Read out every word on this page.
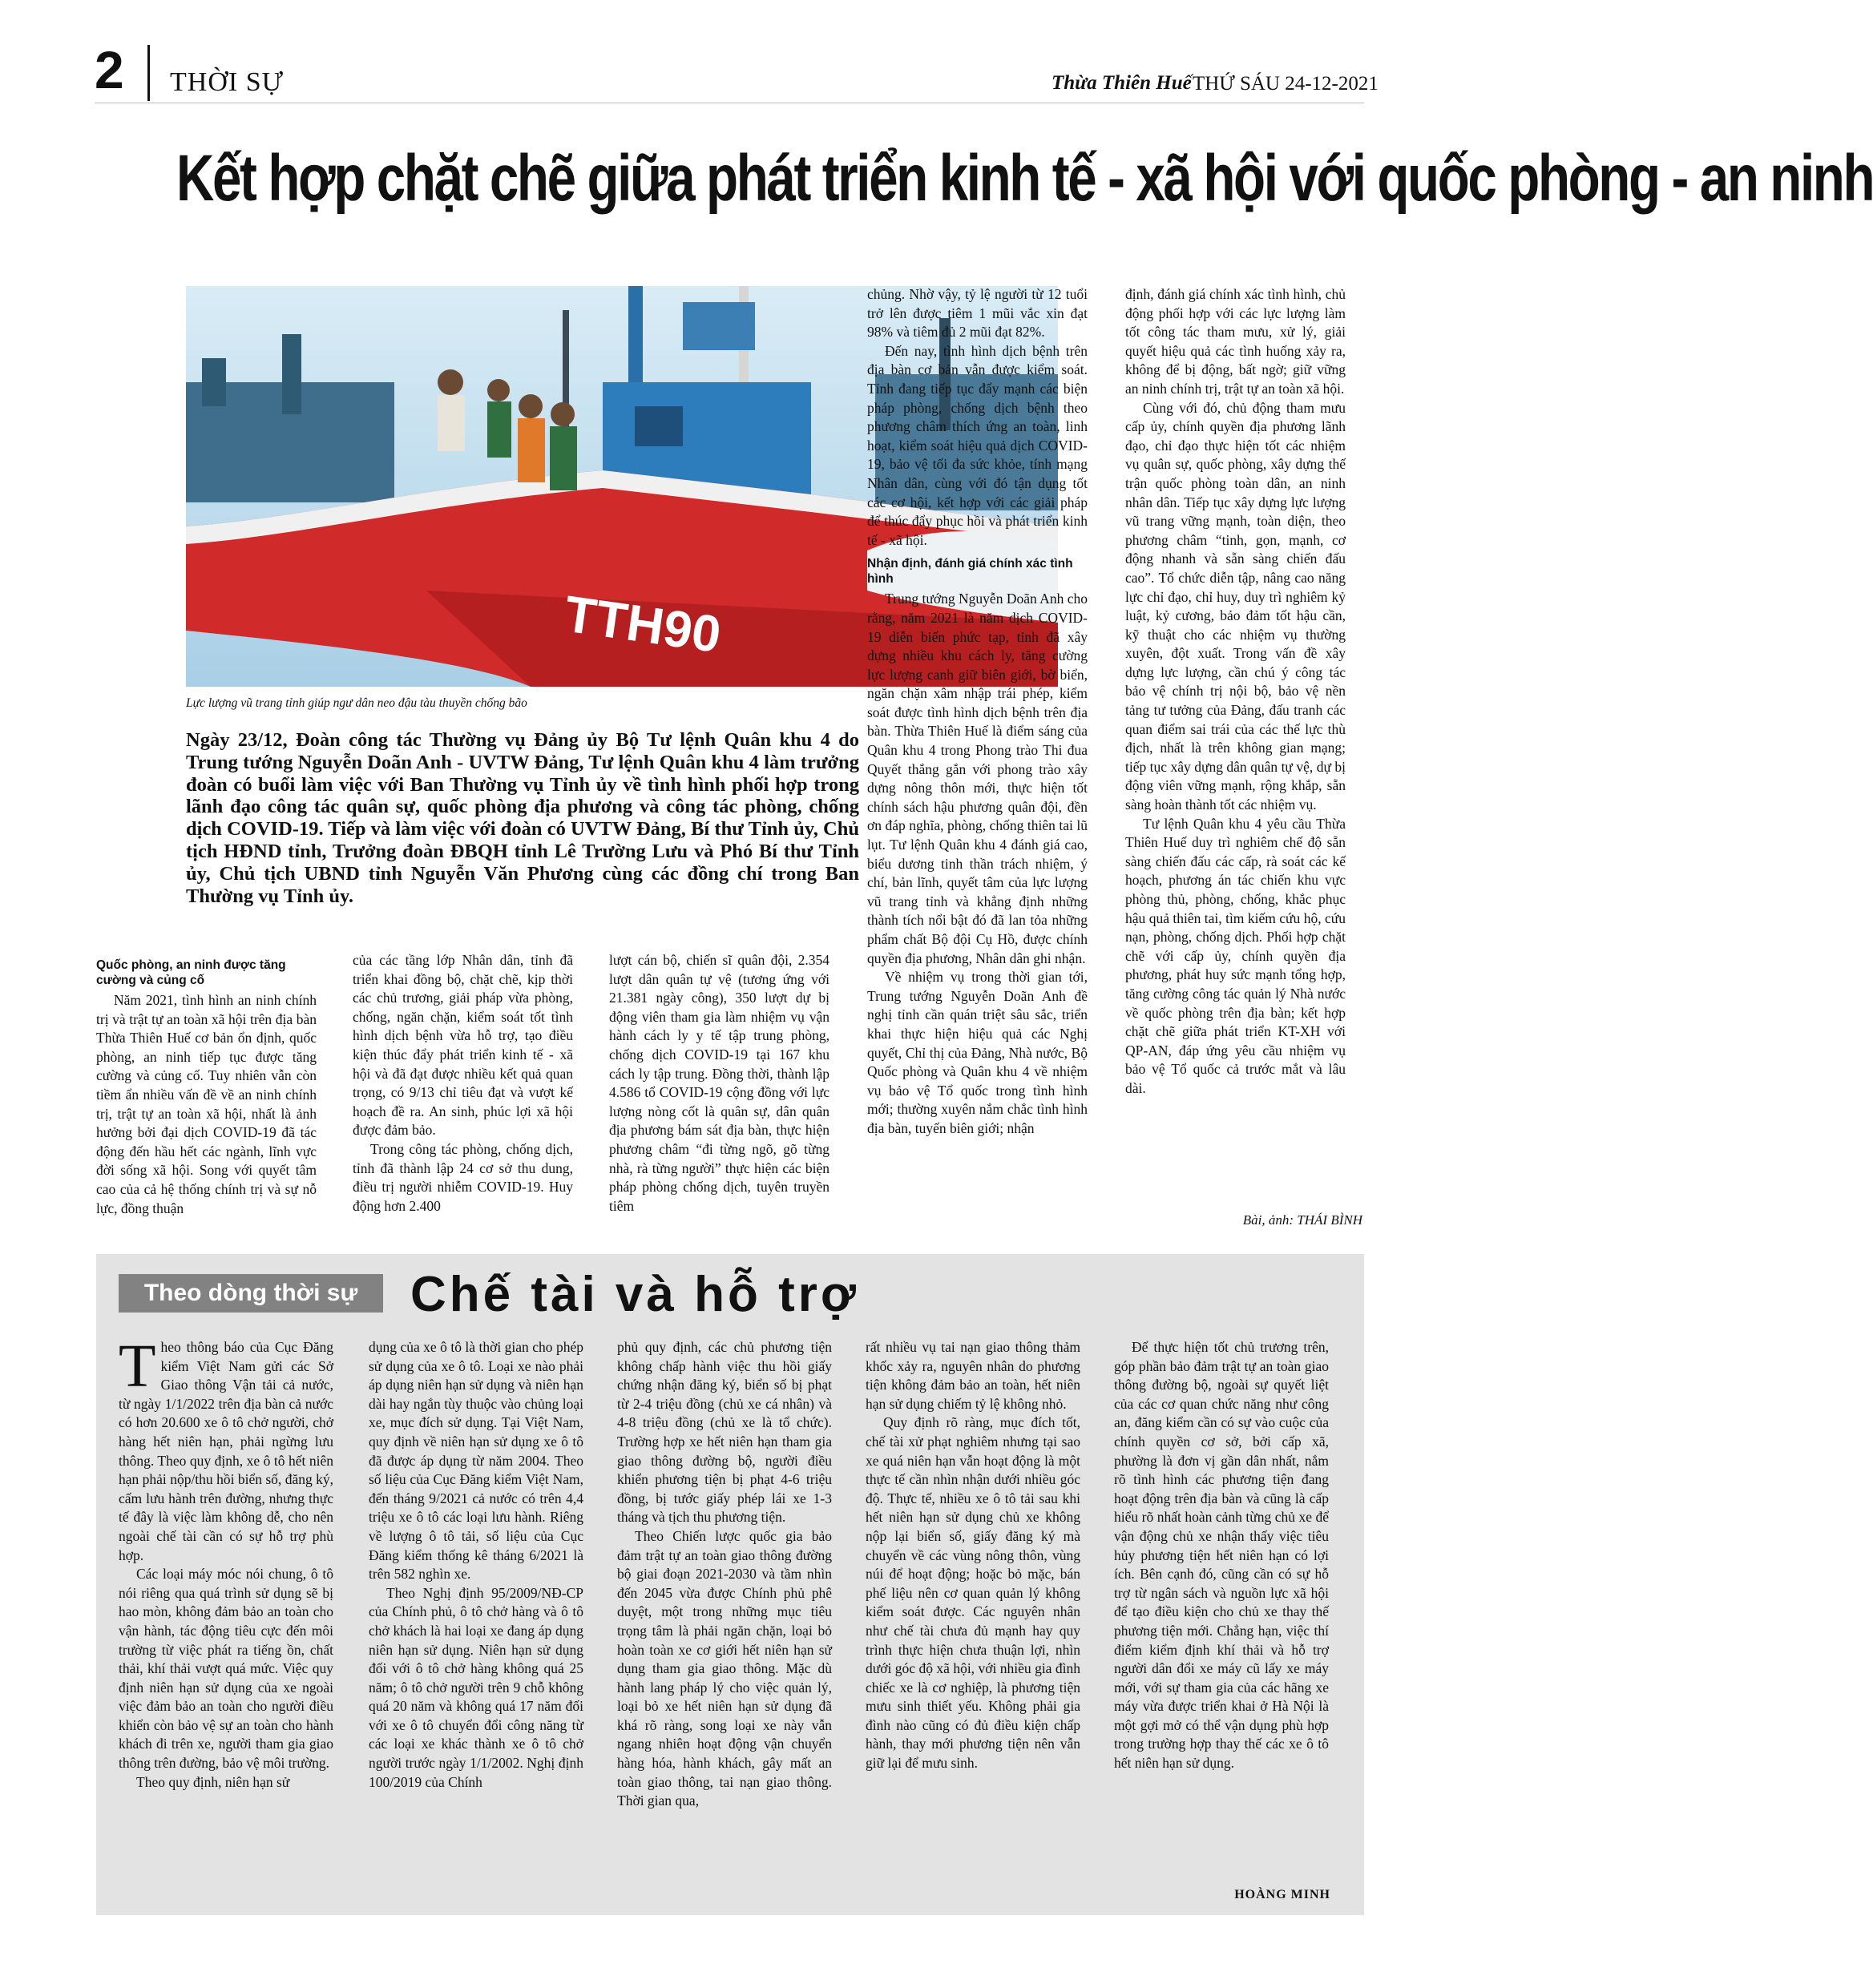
2 THỜI SỰ	Thừa Thiên Huế THỨ SÁU 24-12-2021
Kết hợp chặt chẽ giữa phát triển kinh tế - xã hội với quốc phòng - an ninh
TTH90
Lực lượng vũ trang tỉnh giúp ngư dân neo đậu tàu thuyền chống bão
Ngày 23/12, Đoàn công tác Thường vụ Đảng ủy Bộ Tư lệnh Quân khu 4 do Trung tướng Nguyễn Doãn Anh - UVTW Đảng, Tư lệnh Quân khu 4 làm trưởng đoàn có buổi làm việc với Ban Thường vụ Tỉnh ủy về tình hình phối hợp trong lãnh đạo công tác quân sự, quốc phòng địa phương và công tác phòng, chống dịch COVID-19. Tiếp và làm việc với đoàn có UVTW Đảng, Bí thư Tỉnh ủy, Chủ tịch HĐND tỉnh, Trưởng đoàn ĐBQH tỉnh Lê Trường Lưu và Phó Bí thư Tỉnh ủy, Chủ tịch UBND tỉnh Nguyễn Văn Phương cùng các đồng chí trong Ban Thường vụ Tỉnh ủy.
Quốc phòng, an ninh được tăng cường và củng cố

Năm 2021, tình hình an ninh chính trị và trật tự an toàn xã hội trên địa bàn Thừa Thiên Huế cơ bản ổn định, quốc phòng, an ninh tiếp tục được tăng cường và củng cố. Tuy nhiên vẫn còn tiềm ẩn nhiều vấn đề về an ninh chính trị, trật tự an toàn xã hội, nhất là ảnh hưởng bởi đại dịch COVID-19 đã tác động đến hầu hết các ngành, lĩnh vực đời sống xã hội. Song với quyết tâm cao của cả hệ thống chính trị và sự nỗ lực, đồng thuận

của các tầng lớp Nhân dân, tỉnh đã triển khai đồng bộ, chặt chẽ, kịp thời các chủ trương, giải pháp vừa phòng, chống, ngăn chặn, kiểm soát tốt tình hình dịch bệnh vừa hỗ trợ, tạo điều kiện thúc đẩy phát triển kinh tế - xã hội và đã đạt được nhiều kết quả quan trọng, có 9/13 chỉ tiêu đạt và vượt kế hoạch đề ra. An sinh, phúc lợi xã hội được đảm bảo.

Trong công tác phòng, chống dịch, tỉnh đã thành lập 24 cơ sở thu dung, điều trị người nhiễm COVID-19. Huy động hơn 2.400

lượt cán bộ, chiến sĩ quân đội, 2.354 lượt dân quân tự vệ (tương ứng với 21.381 ngày công), 350 lượt dự bị động viên tham gia làm nhiệm vụ vận hành cách ly y tế tập trung phòng, chống dịch COVID-19 tại 167 khu cách ly tập trung. Đồng thời, thành lập 4.586 tổ COVID-19 cộng đồng với lực lượng nòng cốt là quân sự, dân quân địa phương bám sát địa bàn, thực hiện phương châm “đi từng ngõ, gõ từng nhà, rà từng người” thực hiện các biện pháp phòng chống dịch, tuyên truyền tiêm

chủng. Nhờ vậy, tỷ lệ người từ 12 tuổi trở lên được tiêm 1 mũi vắc xin đạt 98% và tiêm đủ 2 mũi đạt 82%.

Đến nay, tình hình dịch bệnh trên địa bàn cơ bản vẫn được kiểm soát. Tỉnh đang tiếp tục đẩy mạnh các biện pháp phòng, chống dịch bệnh theo phương châm thích ứng an toàn, linh hoạt, kiểm soát hiệu quả dịch COVID-19, bảo vệ tối đa sức khỏe, tính mạng Nhân dân, cùng với đó tận dụng tốt các cơ hội, kết hợp với các giải pháp để thúc đẩy phục hồi và phát triển kinh tế - xã hội.

Nhận định, đánh giá chính xác tình hình

Trung tướng Nguyễn Doãn Anh cho rằng, năm 2021 là năm dịch COVID-19 diễn biến phức tạp, tỉnh đã xây dựng nhiều khu cách ly, tăng cường lực lượng canh giữ biên giới, bờ biển, ngăn chặn xâm nhập trái phép, kiểm soát được tình hình dịch bệnh trên địa bàn. Thừa Thiên Huế là điểm sáng của Quân khu 4 trong Phong trào Thi đua Quyết thắng gắn với phong trào xây dựng nông thôn mới, thực hiện tốt chính sách hậu phương quân đội, đền ơn đáp nghĩa, phòng, chống thiên tai lũ lụt. Tư lệnh Quân khu 4 đánh giá cao, biểu dương tinh thần trách nhiệm, ý chí, bản lĩnh, quyết tâm của lực lượng vũ trang tỉnh và khẳng định những thành tích nổi bật đó đã lan tỏa những phẩm chất Bộ đội Cụ Hồ, được chính quyền địa phương, Nhân dân ghi nhận.

Về nhiệm vụ trong thời gian tới, Trung tướng Nguyễn Doãn Anh đề nghị tỉnh cần quán triệt sâu sắc, triển khai thực hiện hiệu quả các Nghị quyết, Chỉ thị của Đảng, Nhà nước, Bộ Quốc phòng và Quân khu 4 về nhiệm vụ bảo vệ Tổ quốc trong tình hình mới; thường xuyên nắm chắc tình hình địa bàn, tuyến biên giới; nhận

định, đánh giá chính xác tình hình, chủ động phối hợp với các lực lượng làm tốt công tác tham mưu, xử lý, giải quyết hiệu quả các tình huống xảy ra, không để bị động, bất ngờ; giữ vững an ninh chính trị, trật tự an toàn xã hội.

Cùng với đó, chủ động tham mưu cấp ủy, chính quyền địa phương lãnh đạo, chỉ đạo thực hiện tốt các nhiệm vụ quân sự, quốc phòng, xây dựng thế trận quốc phòng toàn dân, an ninh nhân dân. Tiếp tục xây dựng lực lượng vũ trang vững mạnh, toàn diện, theo phương châm “tinh, gọn, mạnh, cơ động nhanh và sẵn sàng chiến đấu cao”. Tổ chức diễn tập, nâng cao năng lực chỉ đạo, chỉ huy, duy trì nghiêm kỷ luật, kỷ cương, bảo đảm tốt hậu cần, kỹ thuật cho các nhiệm vụ thường xuyên, đột xuất. Trong vấn đề xây dựng lực lượng, cần chú ý công tác bảo vệ chính trị nội bộ, bảo vệ nền tảng tư tưởng của Đảng, đấu tranh các quan điểm sai trái của các thế lực thù địch, nhất là trên không gian mạng; tiếp tục xây dựng dân quân tự vệ, dự bị động viên vững mạnh, rộng khắp, sẵn sàng hoàn thành tốt các nhiệm vụ.

Tư lệnh Quân khu 4 yêu cầu Thừa Thiên Huế duy trì nghiêm chế độ sẵn sàng chiến đấu các cấp, rà soát các kế hoạch, phương án tác chiến khu vực phòng thủ, phòng, chống, khắc phục hậu quả thiên tai, tìm kiếm cứu hộ, cứu nạn, phòng, chống dịch. Phối hợp chặt chẽ với cấp ủy, chính quyền địa phương, phát huy sức mạnh tổng hợp, tăng cường công tác quản lý Nhà nước về quốc phòng trên địa bàn; kết hợp chặt chẽ giữa phát triển KT-XH với QP-AN, đáp ứng yêu cầu nhiệm vụ bảo vệ Tổ quốc cả trước mắt và lâu dài.

Bài, ảnh: THÁI BÌNH
Theo dòng thời sự	Chế tài và hỗ trợ

Theo thông báo của Cục Đăng kiểm Việt Nam gửi các Sở Giao thông Vận tải cả nước, từ ngày 1/1/2022 trên địa bàn cả nước có hơn 20.600 xe ô tô chở người, chở hàng hết niên hạn, phải ngừng lưu thông. Theo quy định, xe ô tô hết niên hạn phải nộp/thu hồi biển số, đăng ký, cấm lưu hành trên đường, nhưng thực tế đây là việc làm không dễ, cho nên ngoài chế tài cần có sự hỗ trợ phù hợp.

Các loại máy móc nói chung, ô tô nói riêng qua quá trình sử dụng sẽ bị hao mòn, không đảm bảo an toàn cho vận hành, tác động tiêu cực đến môi trường từ việc phát ra tiếng ồn, chất thải, khí thải vượt quá mức. Việc quy định niên hạn sử dụng của xe ngoài việc đảm bảo an toàn cho người điều khiển còn bảo vệ sự an toàn cho hành khách đi trên xe, người tham gia giao thông trên đường, bảo vệ môi trường.

Theo quy định, niên hạn sử

dụng của xe ô tô là thời gian cho phép sử dụng của xe ô tô. Loại xe nào phải áp dụng niên hạn sử dụng và niên hạn dài hay ngắn tùy thuộc vào chủng loại xe, mục đích sử dụng. Tại Việt Nam, quy định về niên hạn sử dụng xe ô tô đã được áp dụng từ năm 2004. Theo số liệu của Cục Đăng kiểm Việt Nam, đến tháng 9/2021 cả nước có trên 4,4 triệu xe ô tô các loại lưu hành. Riêng về lượng ô tô tải, số liệu của Cục Đăng kiểm thống kê tháng 6/2021 là trên 582 nghìn xe.

Theo Nghị định 95/2009/NĐ-CP của Chính phủ, ô tô chở hàng và ô tô chở khách là hai loại xe đang áp dụng niên hạn sử dụng. Niên hạn sử dụng đối với ô tô chở hàng không quá 25 năm; ô tô chở người trên 9 chỗ không quá 20 năm và không quá 17 năm đối với xe ô tô chuyển đổi công năng từ các loại xe khác thành xe ô tô chở người trước ngày 1/1/2002. Nghị định 100/2019 của Chính

phủ quy định, các chủ phương tiện không chấp hành việc thu hồi giấy chứng nhận đăng ký, biển số bị phạt từ 2-4 triệu đồng (chủ xe cá nhân) và 4-8 triệu đồng (chủ xe là tổ chức). Trường hợp xe hết niên hạn tham gia giao thông đường bộ, người điều khiển phương tiện bị phạt 4-6 triệu đồng, bị tước giấy phép lái xe 1-3 tháng và tịch thu phương tiện.

Theo Chiến lược quốc gia bảo đảm trật tự an toàn giao thông đường bộ giai đoạn 2021-2030 và tầm nhìn đến 2045 vừa được Chính phủ phê duyệt, một trong những mục tiêu trọng tâm là phải ngăn chặn, loại bỏ hoàn toàn xe cơ giới hết niên hạn sử dụng tham gia giao thông. Mặc dù hành lang pháp lý cho việc quản lý, loại bỏ xe hết niên hạn sử dụng đã khá rõ ràng, song loại xe này vẫn ngang nhiên hoạt động vận chuyển hàng hóa, hành khách, gây mất an toàn giao thông, tai nạn giao thông. Thời gian qua,

rất nhiều vụ tai nạn giao thông thảm khốc xảy ra, nguyên nhân do phương tiện không đảm bảo an toàn, hết niên hạn sử dụng chiếm tỷ lệ không nhỏ.

Quy định rõ ràng, mục đích tốt, chế tài xử phạt nghiêm nhưng tại sao xe quá niên hạn vẫn hoạt động là một thực tế cần nhìn nhận dưới nhiều góc độ. Thực tế, nhiều xe ô tô tải sau khi hết niên hạn sử dụng chủ xe không nộp lại biển số, giấy đăng ký mà chuyển về các vùng nông thôn, vùng núi để hoạt động; hoặc bỏ mặc, bán phế liệu nên cơ quan quản lý không kiểm soát được. Các nguyên nhân như chế tài chưa đủ mạnh hay quy trình thực hiện chưa thuận lợi, nhìn dưới góc độ xã hội, với nhiều gia đình chiếc xe là cơ nghiệp, là phương tiện mưu sinh thiết yếu. Không phải gia đình nào cũng có đủ điều kiện chấp hành, thay mới phương tiện nên vẫn giữ lại để mưu sinh.

Để thực hiện tốt chủ trương trên, góp phần bảo đảm trật tự an toàn giao thông đường bộ, ngoài sự quyết liệt của các cơ quan chức năng như công an, đăng kiểm cần có sự vào cuộc của chính quyền cơ sở, bởi cấp xã, phường là đơn vị gần dân nhất, nắm rõ tình hình các phương tiện đang hoạt động trên địa bàn và cũng là cấp hiểu rõ nhất hoàn cảnh từng chủ xe để vận động chủ xe nhận thấy việc tiêu hủy phương tiện hết niên hạn có lợi ích. Bên cạnh đó, cũng cần có sự hỗ trợ từ ngân sách và nguồn lực xã hội để tạo điều kiện cho chủ xe thay thế phương tiện mới. Chẳng hạn, việc thí điểm kiểm định khí thải và hỗ trợ người dân đổi xe máy cũ lấy xe máy mới, với sự tham gia của các hãng xe máy vừa được triển khai ở Hà Nội là một gợi mở có thể vận dụng phù hợp trong trường hợp thay thế các xe ô tô hết niên hạn sử dụng.

HOÀNG MINH
